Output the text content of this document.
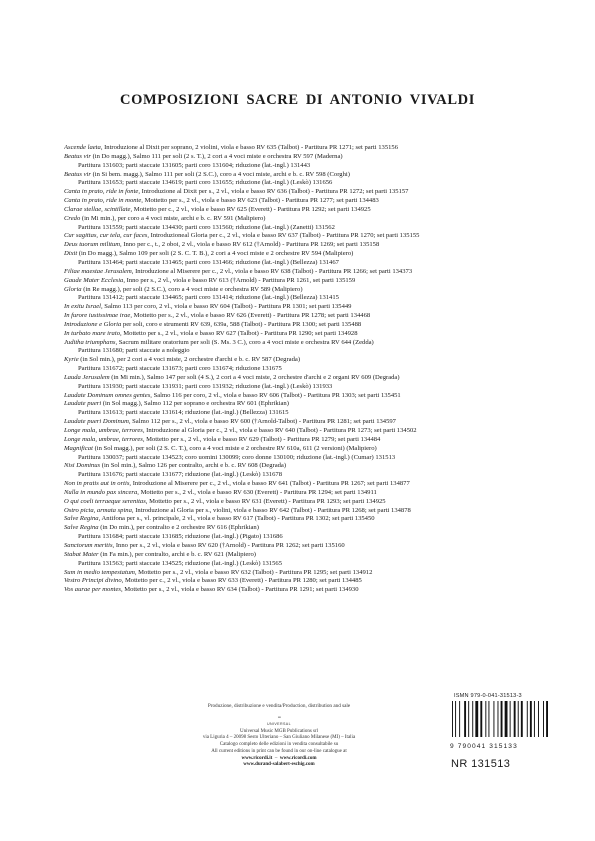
COMPOSIZIONI SACRE DI ANTONIO VIVALDI
Ascende laeta, Introduzione al Dixit per soprano, 2 violini, viola e basso RV 635 (Talbot) - Partitura PR 1271; set parti 135156
Beatus vir (in Do magg.), Salmo 111 per soli (2 s. T.), 2 cori a 4 voci miste e orchestra RV 597 (Maderna)
Partitura 131603; parti staccate 131605; parti coro 131604; riduzione (lat.-ingl.) 131443
Beatus vir (in Si bem. magg.), Salmo 111 per soli (2 S.C.), coro a 4 voci miste, archi e b. c. RV 598 (Corghi)
Partitura 131653; parti staccate 134619; parti coro 131655; riduzione (lat.-ingl.) (Leskò) 131656
Canta in prato, ride in fonte, Introduzione al Dixit per s., 2 vl., viola e basso RV 636 (Talbot) - Partitura PR 1272; set parti 135157
Canta in prato, ride in monte, Mottetto per s., 2 vl., viola e basso RV 623 (Talbot) - Partitura PR 1277; set parti 134483
Clarae stellae, scintillate, Mottetto per c., 2 vl., viola e basso RV 625 (Everett) - Partitura PR 1292; set parti 134925
Credo (in Mi min.), per coro a 4 voci miste, archi e b. c. RV 591 (Malipiero)
Partitura 131559; parti staccate 134430; parti coro 131560; riduzione (lat.-ingl.) (Zanetti) 131562
Cur sagittas, cur tela, cur faces, Introduzioneal Gloria per c., 2 vl., viola e basso RV 637 (Talbot) - Partitura PR 1270; set parti 135155
Deus tuorum militum, Inno per c., t., 2 oboi, 2 vl., viola e basso RV 612 (†Arnold) - Partitura PR 1269; set parti 135158
Dixit (in Do magg.), Salmo 109 per soli (2 S. C. T. B.), 2 cori a 4 voci miste e 2 orchestre RV 594 (Malipiero)
Partitura 131464; parti staccate 131465; parti coro 131466; riduzione (lat.-ingl.) (Bellezza) 131467
Filiae maestae Jerusalem, Introduzione al Miserere per c., 2 vl., viola e basso RV 638 (Talbot) - Partitura PR 1266; set parti 134373
Gaude Mater Ecclesia, Inno per s., 2 vl., viola e basso RV 613 (†Arnold) - Partitura PR 1261, set parti 135159
Gloria (in Re magg.), per soli (2 S.C.), coro a 4 voci miste e orchestra RV 589 (Malipiero)
Partitura 131412; parti staccate 134465; parti coro 131414; riduzione (lat.-ingl.) (Bellezza) 131415
In exitu Israel, Salmo 113 per coro, 2 vl., viola e basso RV 604 (Talbot) - Partitura PR 1301; set parti 135449
In furore iustissimae irae, Mottetto per s., 2 vl., viola e basso RV 626 (Everett) - Partitura PR 1278; set parti 134468
Introduzione e Gloria per soli, coro e strumenti RV 639, 639a, 588 (Talbot) - Partitura PR 1300; set parti 135488
In turbato mare irato, Mottetto per s., 2 vl., viola e basso RV 627 (Talbot) - Partitura PR 1290; set parti 134928
Juditha triumphans, Sacrum militare oratorium per soli (S. Ms. 3 C.), coro a 4 voci miste e orchestra RV 644 (Zedda)
Partitura 131680; parti staccate a noleggio
Kyrie (in Sol min.), per 2 cori a 4 voci miste, 2 orchestre d'archi e b. c. RV 587 (Degrada)
Partitura 131672; parti staccate 131673; parti coro 131674; riduzione 131675
Lauda Jerusalem (in Mi min.), Salmo 147 per soli (4 S.), 2 cori a 4 voci miste, 2 orchestre d'archi e 2 organi RV 609 (Degrada)
Partitura 131930; parti staccate 131931; parti coro 131932; riduzione (lat.-ingl.) (Leskò) 131933
Laudate Dominum omnes gentes, Salmo 116 per coro, 2 vl., viola e basso RV 606 (Talbot) - Partitura PR 1303; set parti 135451
Laudate pueri (in Sol magg.), Salmo 112 per soprano e orchestra RV 601 (Ephrikian)
Partitura 131613; parti staccate 131614; riduzione (lat.-ingl.) (Bellezza) 131615
Laudate pueri Dominum, Salmo 112 per s., 2 vl., viola e basso RV 600 (†Arnold-Talbot) - Partitura PR 1281; set parti 134597
Longe mala, umbrae, terrores, Introduzione al Gloria per c., 2 vl., viola e basso RV 640 (Talbot) - Partitura PR 1273; set parti 134502
Longe mala, umbrae, terrores, Mottetto per s., 2 vl., viola e basso RV 629 (Talbot) - Partitura PR 1279; set parti 134484
Magnificat (in Sol magg.), per soli (2 S. C. T.), coro a 4 voci miste e 2 orchestre RV 610a, 611 (2 versioni) (Malipiero)
Partitura 130037; parti staccate 134523; coro uomini 130099; coro donne 130100; riduzione (lat.-ingl.) (Cumar) 131513
Nisi Dominus (in Sol min.), Salmo 126 per contralto, archi e b. c. RV 608 (Degrada)
Partitura 131676; parti staccate 131677; riduzione (lat.-ingl.) (Leskò) 131678
Non in pratis aut in ortis, Introduzione al Miserere per c., 2 vl., viola e basso RV 641 (Talbot) - Partitura PR 1267; set parti 134877
Nulla in mundo pax sincera, Mottetto per s., 2 vl., viola e basso RV 630 (Everett) - Partitura PR 1294; set parti 134911
O qui coeli terraeque serenitas, Mottetto per s., 2 vl., viola e basso RV 631 (Everett) - Partitura PR 1293; set parti 134925
Ostro picta, armata spina, Introduzione al Gloria per s., violini, viola e basso RV 642 (Talbot) - Partitura PR 1268; set parti 134878
Salve Regina, Antifona per s., vl. principale, 2 vl., viola e basso RV 617 (Talbot) - Partitura PR 1302; set parti 135450
Salve Regina (in Do min.), per contralto e 2 orchestre RV 616 (Ephrikian)
Partitura 131684; parti staccate 131685; riduzione (lat.-ingl.) (Pigato) 131686
Sanctorum meritis, Inno per s., 2 vl., viola e basso RV 620 (†Arnold) - Partitura PR 1262; set parti 135160
Stabat Mater (in Fa min.), per contralto, archi e b. c. RV 621 (Malipiero)
Partitura 131563; parti staccate 134525; riduzione (lat.-ingl.) (Leskò) 131565
Sum in medio tempestatum, Mottetto per s., 2 vl., viola e basso RV 632 (Talbot) - Partitura PR 1295; set parti 134912
Vestro Principi divino, Mottetto per c., 2 vl., viola e basso RV 633 (Everett) - Partitura PR 1280; set parti 134485
Vos aurae per montes, Mottetto per s., 2 vl., viola e basso RV 634 (Talbot) - Partitura PR 1291; set parti 134930
Produzione, distribuzione e vendita/Production, distribution and sale
≡
UNIVERSAL
Universal Music MGB Publications srl
via Liguria 4 – 20098 Sesto Ulteriano – San Giuliano Milanese (MI) – Italia
Catalogo completo delle edizioni in vendita consultabile su
All current editions in print can be found in our on-line catalogue at
www.ricordi.it  –  www.ricordi.com
www.durand-salabert-eschig.com
ISMN 979-0-041-31513-3
9 790041 315133
NR 131513
